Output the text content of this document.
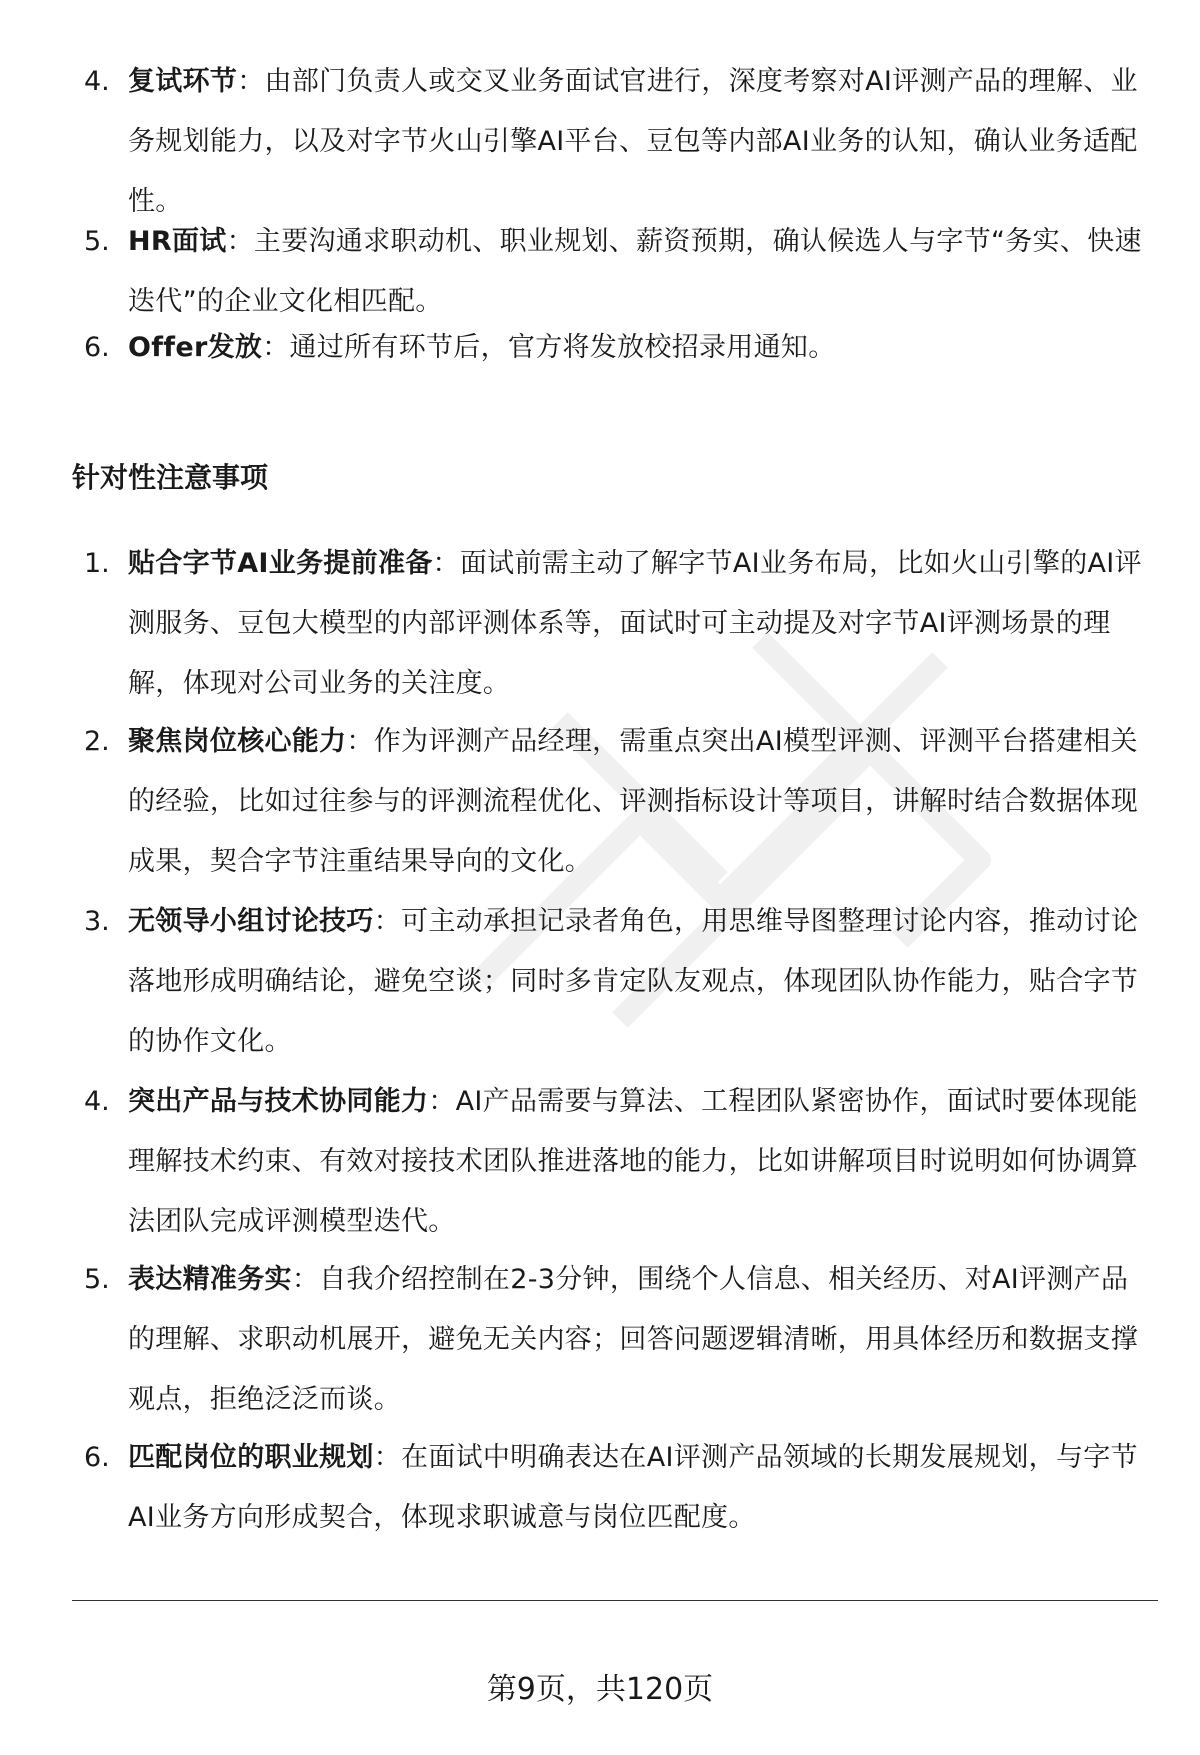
4. 复试环节：由部门负责人或交叉业务面试官进行，深度考察对AI评测产品的理解、业务规划能力，以及对字节火山引擎AI平台、豆包等内部AI业务的认知，确认业务适配性。
5. HR面试：主要沟通求职动机、职业规划、薪资预期，确认候选人与字节“务实、快速迭代”的企业文化相匹配。
6. Offer发放：通过所有环节后，官方将发放校招录用通知。
针对性注意事项
1. 贴合字节AI业务提前准备：面试前需主动了解字节AI业务布局，比如火山引擎的AI评测服务、豆包大模型的内部评测体系等，面试时可主动提及对字节AI评测场景的理解，体现对公司业务的关注度。
2. 聚焦岗位核心能力：作为评测产品经理，需重点突出AI模型评测、评测平台搭建相关的经验，比如过往参与的评测流程优化、评测指标设计等项目，讲解时结合数据体现成果，契合字节注重结果导向的文化。
3. 无领导小组讨论技巧：可主动承担记录者角色，用思维导图整理讨论内容，推动讨论落地形成明确结论，避免空谈；同时多肯定队友观点，体现团队协作能力，贴合字节的协作文化。
4. 突出产品与技术协同能力：AI产品需要与算法、工程团队紧密协作，面试时要体现能理解技术约束、有效对接技术团队推进落地的能力，比如讲解项目时说明如何协调算法团队完成评测模型迭代。
5. 表达精准务实：自我介绍控制在2-3分钟，围绕个人信息、相关经历、对AI评测产品的理解、求职动机展开，避免无关内容；回答问题逻辑清晰，用具体经历和数据支撑观点，拒绝泛泛而谈。
6. 匹配岗位的职业规划：在面试中明确表达在AI评测产品领域的长期发展规划，与字节AI业务方向形成契合，体现求职诚意与岗位匹配度。
第9页，共120页
